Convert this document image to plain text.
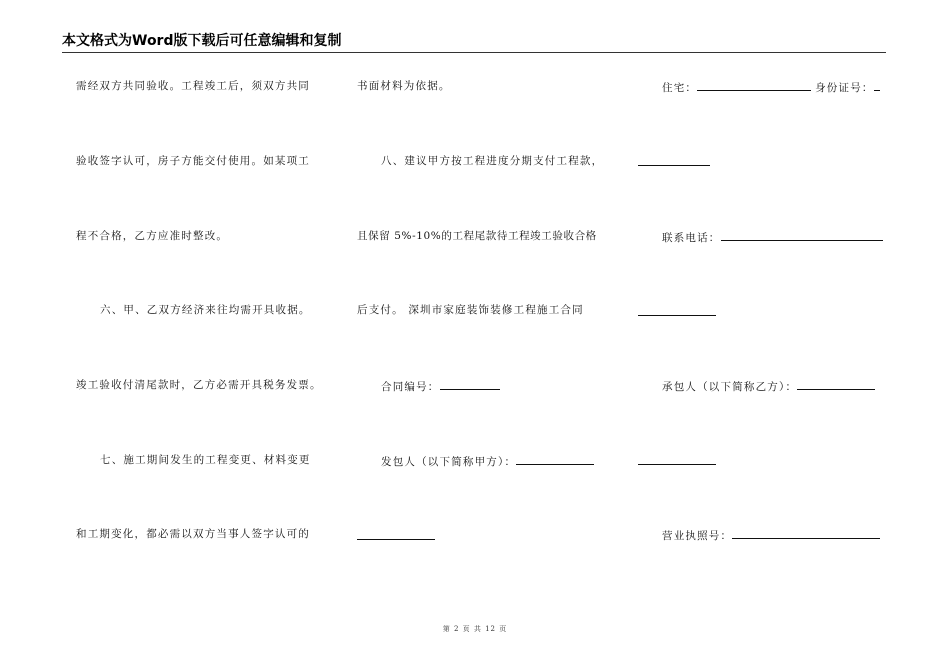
本文格式为Word版下载后可任意编辑和复制
需经双方共同验收。工程竣工后，须双方共同
验收签字认可，房子方能交付使用。如某项工
程不合格，乙方应准时整改。
六、甲、乙双方经济来往均需开具收据。
竣工验收付清尾款时，乙方必需开具税务发票。
七、施工期间发生的工程变更、材料变更
和工期变化，都必需以双方当事人签字认可的
书面材料为依据。
八、建议甲方按工程进度分期支付工程款，
且保留 5%-10%的工程尾款待工程竣工验收合格
后支付。 深圳市家庭装饰装修工程施工合同
合同编号：
发包人（以下简称甲方）：
住宅：	身份证号：
联系电话：
承包人（以下简称乙方）：
营业执照号：
第 2 页 共 12 页
